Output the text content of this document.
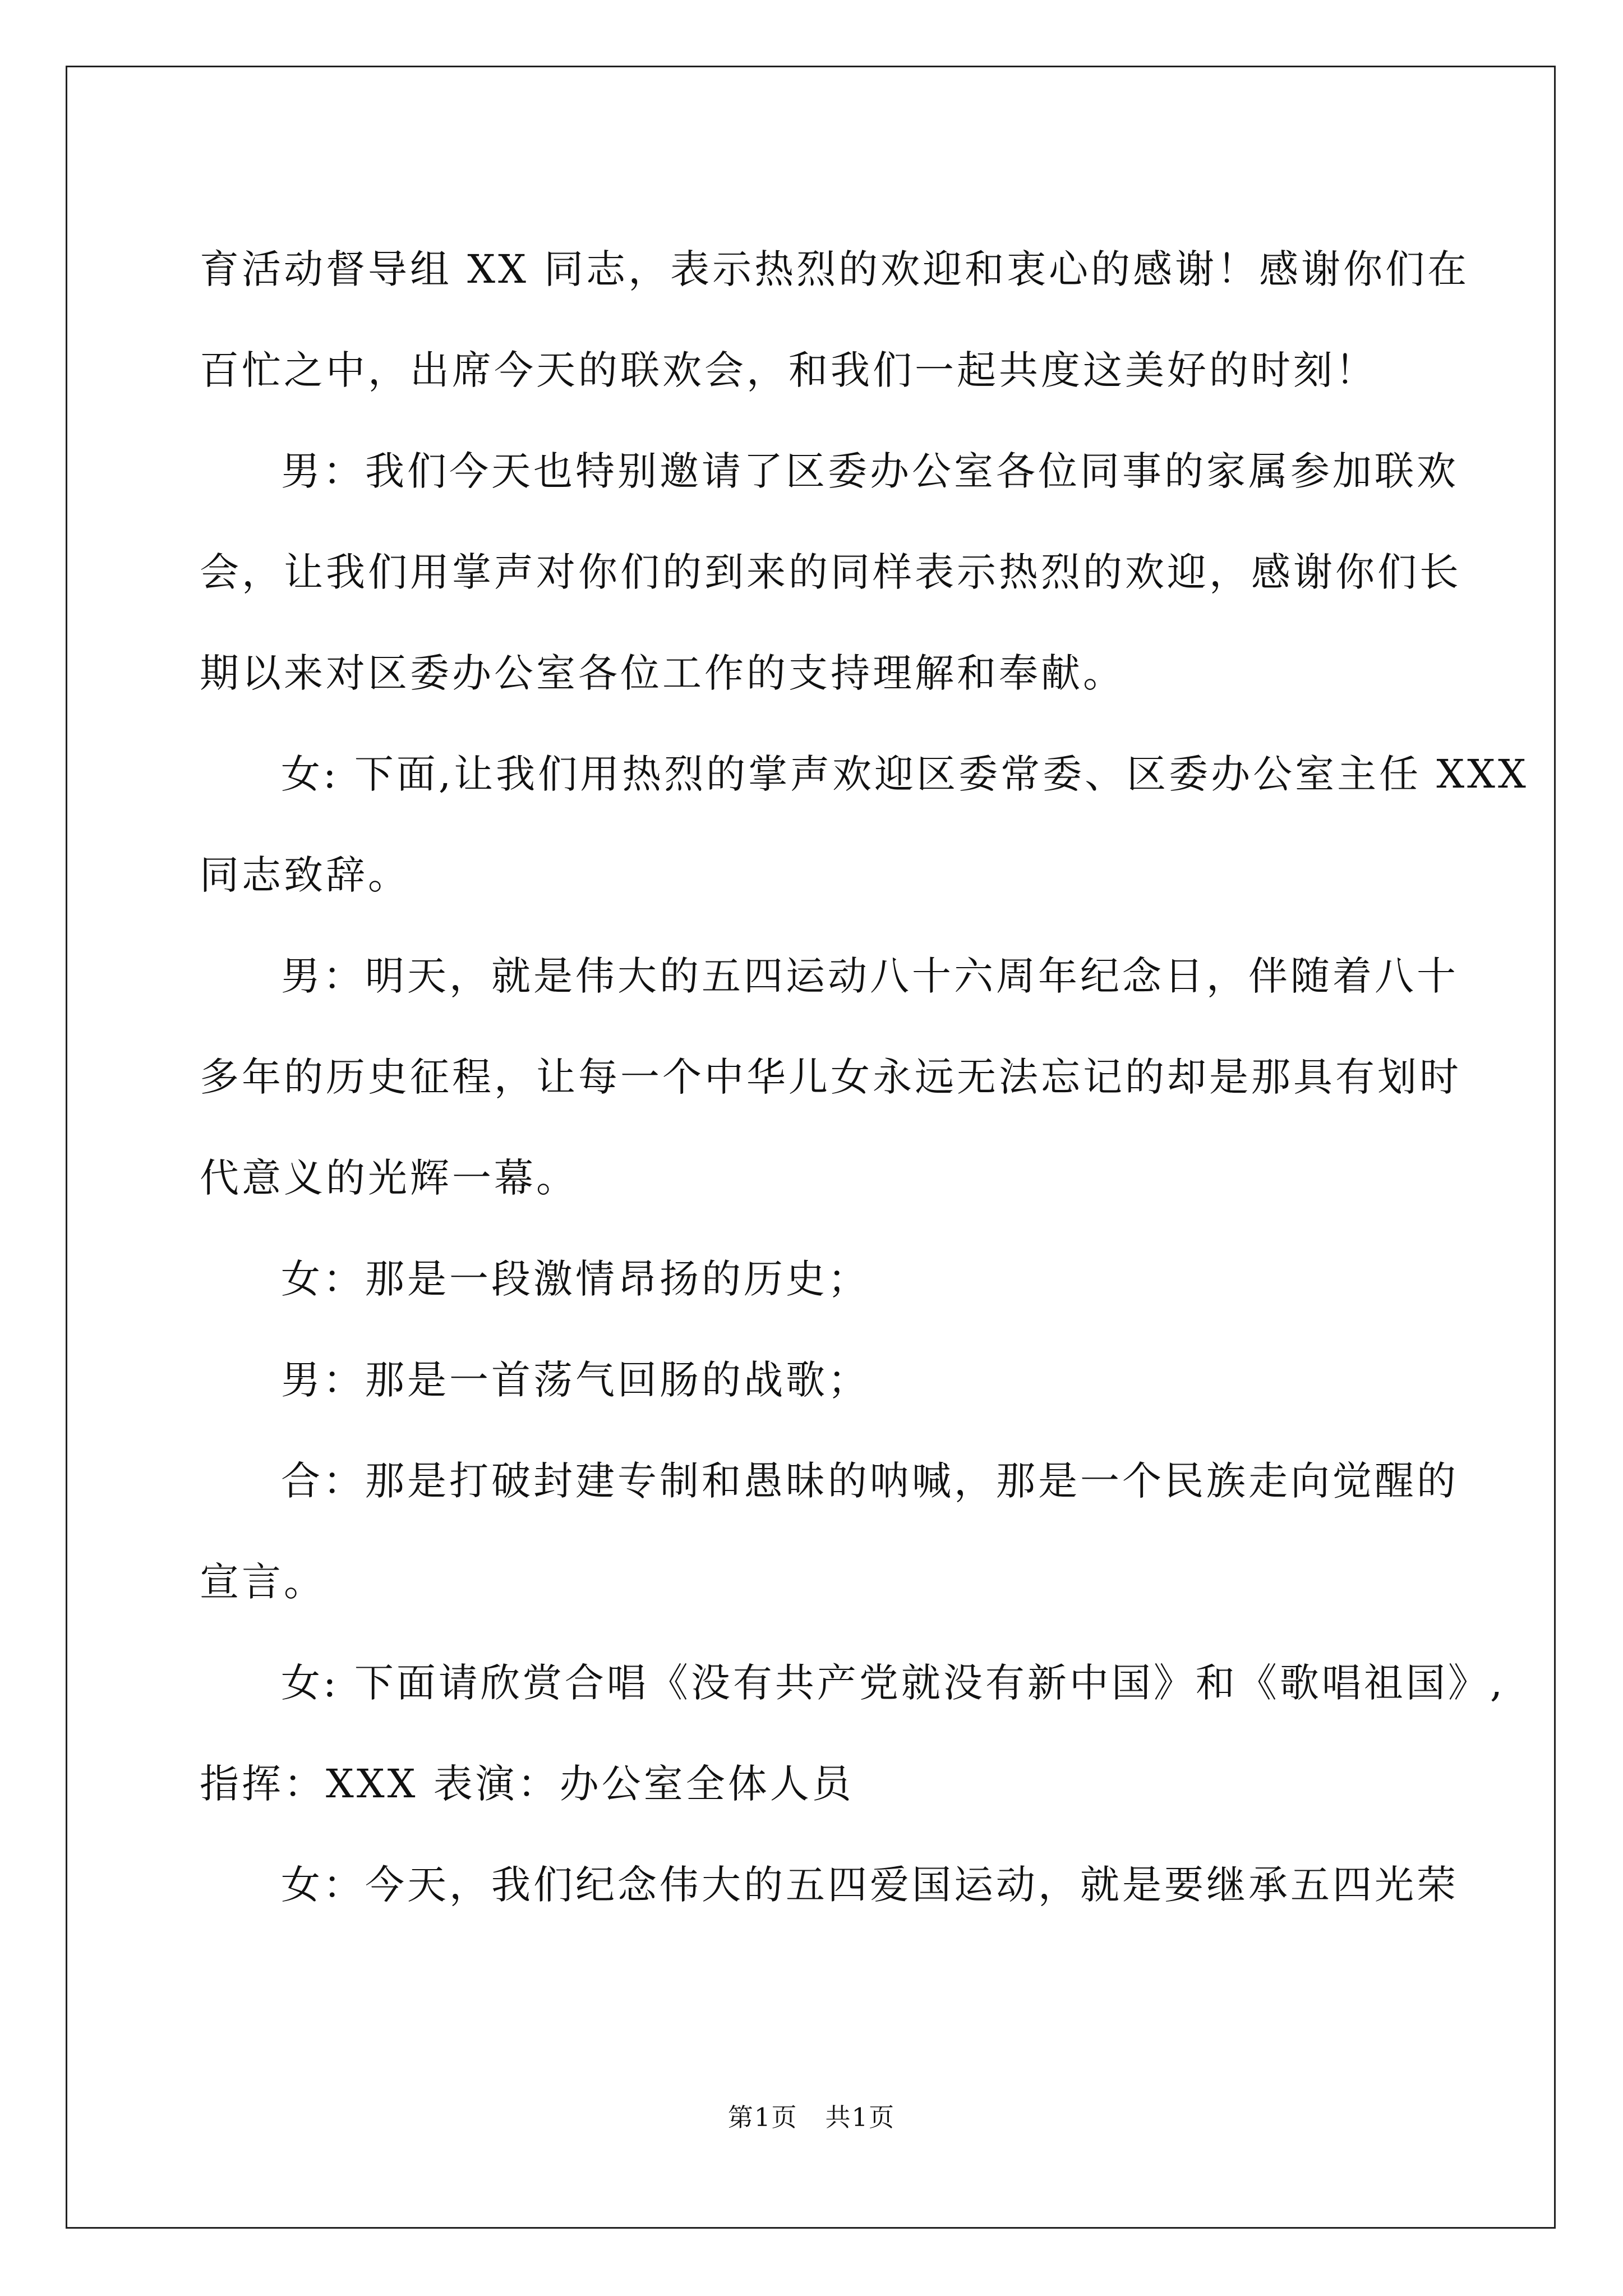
育活动督导组 XX 同志，表示热烈的欢迎和衷心的感谢！感谢你们在
百忙之中，出席今天的联欢会，和我们一起共度这美好的时刻！
男：我们今天也特别邀请了区委办公室各位同事的家属参加联欢
会，让我们用掌声对你们的到来的同样表示热烈的欢迎，感谢你们长
期以来对区委办公室各位工作的支持理解和奉献。
女: 下面,让我们用热烈的掌声欢迎区委常委、区委办公室主任 XXX
同志致辞。
男：明天，就是伟大的五四运动八十六周年纪念日，伴随着八十
多年的历史征程，让每一个中华儿女永远无法忘记的却是那具有划时
代意义的光辉一幕。
女：那是一段激情昂扬的历史；
男：那是一首荡气回肠的战歌；
合：那是打破封建专制和愚昧的呐喊，那是一个民族走向觉醒的
宣言。
女: 下面请欣赏合唱《没有共产党就没有新中国》和《歌唱祖国》,
指挥：XXX 表演：办公室全体人员
女：今天，我们纪念伟大的五四爱国运动，就是要继承五四光荣
第1页   共1页
